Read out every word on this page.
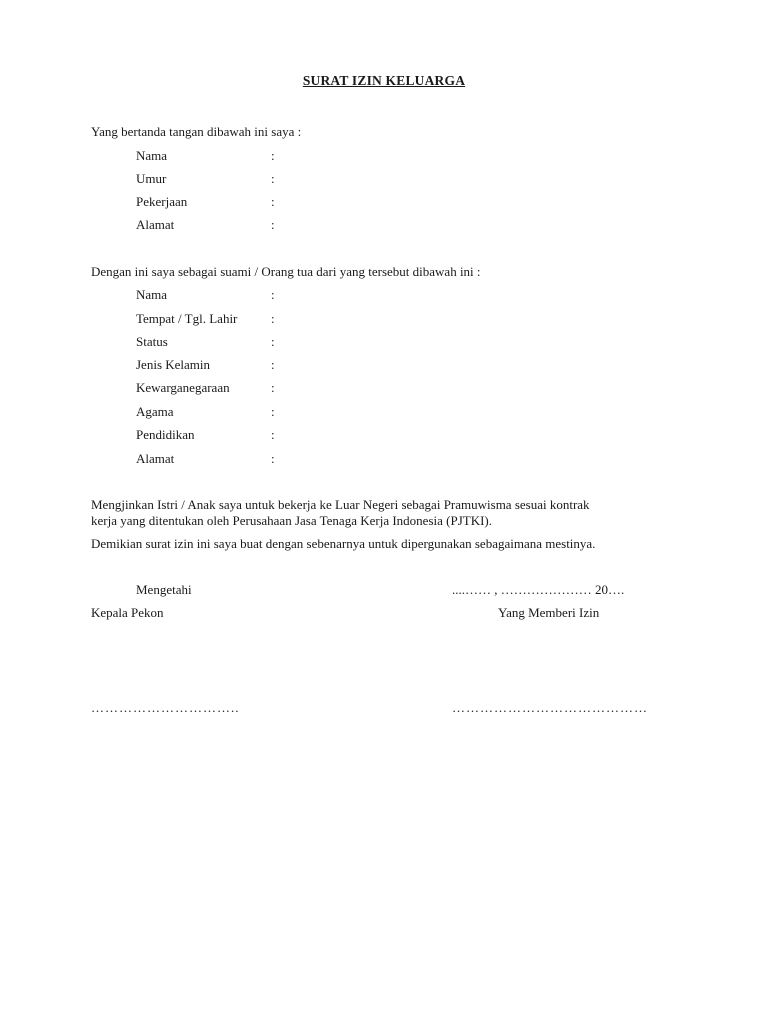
SURAT IZIN KELUARGA
Yang bertanda tangan dibawah ini saya :
Nama	:
Umur	:
Pekerjaan	:
Alamat	:
Dengan ini saya sebagai suami / Orang tua dari yang tersebut dibawah ini :
Nama	:
Tempat / Tgl. Lahir	:
Status	:
Jenis Kelamin	:
Kewarganegaraan	:
Agama	:
Pendidikan	:
Alamat	:
Mengjinkan Istri / Anak saya untuk bekerja ke Luar Negeri sebagai Pramuwisma sesuai kontrak
kerja yang ditentukan oleh Perusahaan Jasa Tenaga Kerja Indonesia (PJTKI).
Demikian surat izin ini saya buat dengan sebenarnya untuk dipergunakan sebagaimana mestinya.
Mengetahi	....…… , ………………… 20….
Kepala Pekon	Yang Memberi Izin
…………………………..	……………………………………
